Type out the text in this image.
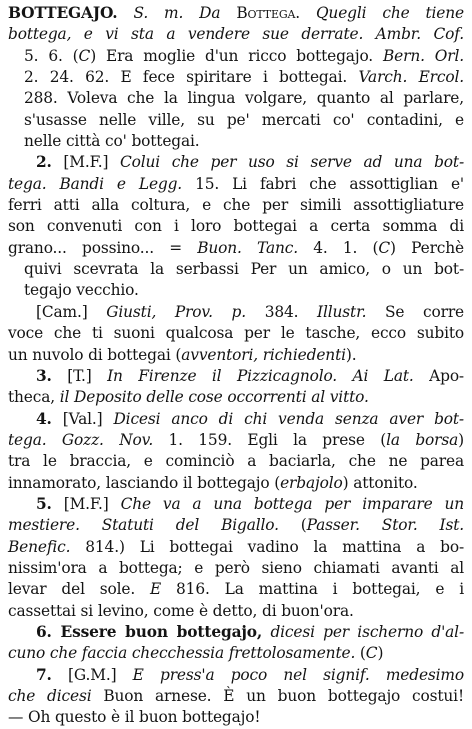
BOTTEGAJO. S. m. Da Bottega. Quegli che tiene
bottega, e vi sta a vendere sue derrate. Ambr. Cof.
5. 6. (C) Era moglie d'un ricco bottegajo. Bern. Orl.
2. 24. 62. E fece spiritare i bottegai. Varch. Ercol.
288. Voleva che la lingua volgare, quanto al parlare,
s'usasse nelle ville, su pe' mercati co' contadini, e
nelle città co' bottegai.
2. [M.F.] Colui che per uso si serve ad una bot-
tega. Bandi e Legg. 15. Li fabri che assottiglian e'
ferri atti alla coltura, e che per simili assottigliature
son convenuti con i loro bottegai a certa somma di
grano... possino... = Buon. Tanc. 4. 1. (C) Perchè
quivi scevrata la serbassi Per un amico, o un bot-
tegajo vecchio.
[Cam.] Giusti, Prov. p. 384. Illustr. Se corre
voce che ti suoni qualcosa per le tasche, ecco subito
un nuvolo di bottegai (avventori, richiedenti).
3. [T.] In Firenze il Pizzicagnolo. Ai Lat. Apo-
theca, il Deposito delle cose occorrenti al vitto.
4. [Val.] Dicesi anco di chi venda senza aver bot-
tega. Gozz. Nov. 1. 159. Egli la prese (la borsa)
tra le braccia, e cominciò a baciarla, che ne parea
innamorato, lasciando il bottegajo (erbajolo) attonito.
5. [M.F.] Che va a una bottega per imparare un
mestiere. Statuti del Bigallo. (Passer. Stor. Ist.
Benefic. 814.) Li bottegai vadino la mattina a bo-
nissim'ora a bottega; e però sieno chiamati avanti al
levar del sole. E 816. La mattina i bottegai, e i
cassettai si levino, come è detto, di buon'ora.
6. Essere buon bottegajo, dicesi per ischerno d'al-
cuno che faccia checchessia frettolosamente. (C)
7. [G.M.] E press'a poco nel signif. medesimo
che dicesi Buon arnese. È un buon bottegajo costui!
— Oh questo è il buon bottegajo!
